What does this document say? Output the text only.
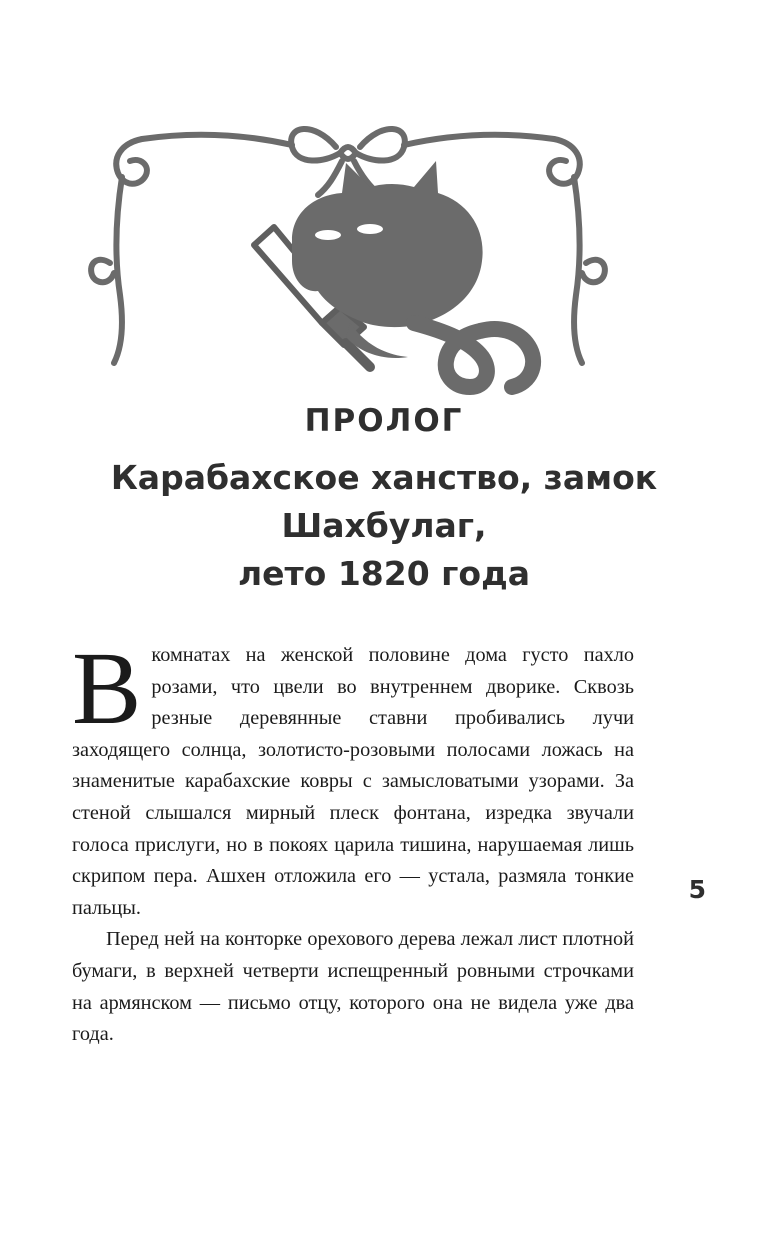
ПРОЛОГ
Карабахское ханство, замок Шахбулаг,
лето 1820 года

В комнатах на женской половине дома густо пахло розами, что цвели во внутреннем дворике. Сквозь резные деревянные ставни пробивались лучи заходящего солнца, золотисто-розовыми полосами ложась на знаменитые карабахские ковры с замысловатыми узорами. За стеной слышался мирный плеск фонтана, изредка звучали голоса прислуги, но в покоях царила тишина, нарушаемая лишь скрипом пера. Ашхен отложила его — устала, размяла тонкие пальцы.

Перед ней на конторке орехового дерева лежал лист плотной бумаги, в верхней четверти испещренный ровными строчками на армянском — письмо отцу, которого она не видела уже два года.

5
